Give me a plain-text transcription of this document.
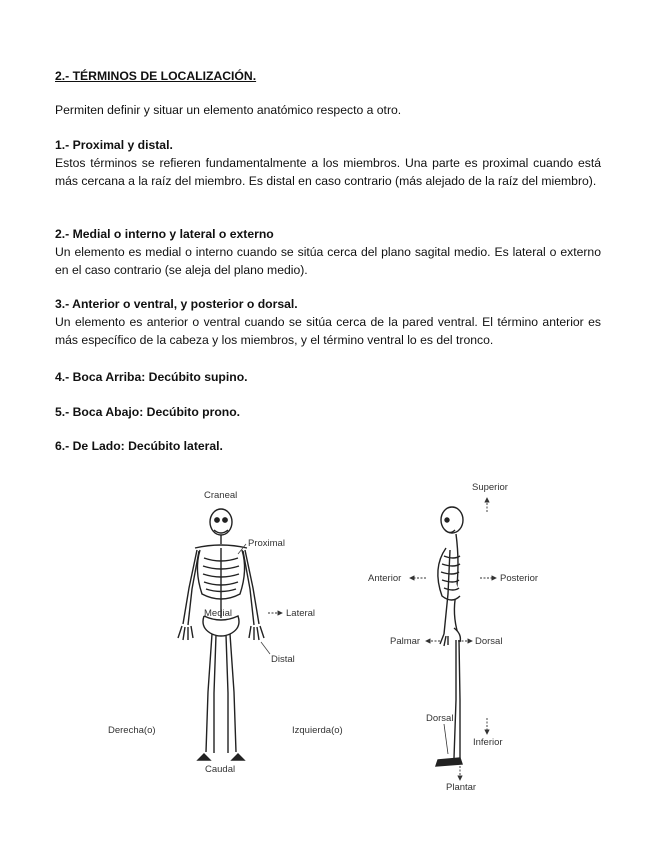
2.- TÉRMINOS DE LOCALIZACIÓN.
Permiten definir y situar un elemento anatómico respecto a otro.
1.- Proximal y distal.

Estos términos se refieren fundamentalmente a los miembros. Una parte es proximal cuando está más cercana a la raíz del miembro. Es distal en caso contrario (más alejado de la raíz del miembro).

2.- Medial o interno y lateral o externo

Un elemento es medial o interno cuando se sitúa cerca del plano sagital medio. Es lateral o externo en el caso contrario (se aleja del plano medio).

3.- Anterior o ventral, y posterior o dorsal.

Un elemento es anterior o ventral cuando se sitúa cerca de la pared ventral. El término anterior es más específico de la cabeza y los miembros, y el término ventral lo es del tronco.

4.- Boca Arriba: Decúbito supino.
5.- Boca Abajo: Decúbito prono.
6.- De Lado: Decúbito lateral.
Craneal
Proximal
Medial	Lateral
Distal
Derecha(o)	Izquierda(o)
Caudal
Superior
Anterior	Posterior
Palmar	Dorsal
Dorsal
Inferior
Plantar
